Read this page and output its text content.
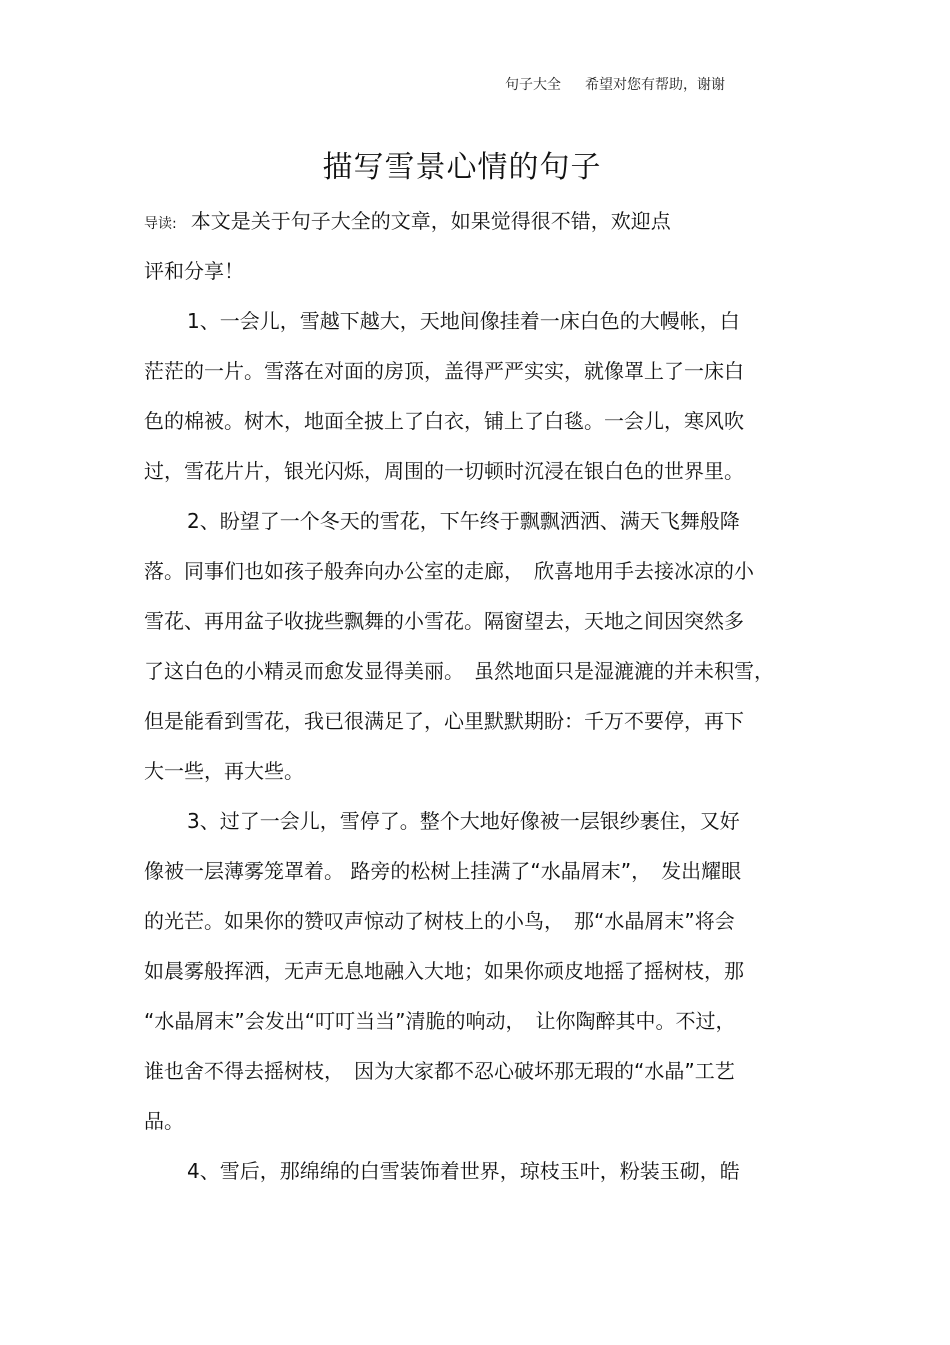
句子大全 希望对您有帮助，谢谢
描写雪景心情的句子
导读: 本文是关于句子大全的文章，如果觉得很不错，欢迎点
评和分享！
1、一会儿，雪越下越大，天地间像挂着一床白色的大幔帐，白
茫茫的一片。雪落在对面的房顶，盖得严严实实，就像罩上了一床白
色的棉被。树木，地面全披上了白衣，铺上了白毯。一会儿，寒风吹
过，雪花片片，银光闪烁，周围的一切顿时沉浸在银白色的世界里。
2、盼望了一个冬天的雪花，下午终于飘飘洒洒、满天飞舞般降
落。同事们也如孩子般奔向办公室的走廊，　欣喜地用手去接冰凉的小
雪花、再用盆子收拢些飘舞的小雪花。隔窗望去，天地之间因突然多
了这白色的小精灵而愈发显得美丽。　虽然地面只是湿漉漉的并未积雪，
但是能看到雪花，我已很满足了，心里默默期盼：千万不要停，再下
大一些，再大些。
3、过了一会儿，雪停了。整个大地好像被一层银纱裹住，又好
像被一层薄雾笼罩着。 路旁的松树上挂满了“水晶屑末”，　发出耀眼
的光芒。如果你的赞叹声惊动了树枝上的小鸟，　那“水晶屑末”将会
如晨雾般挥洒，无声无息地融入大地；如果你顽皮地摇了摇树枝，那
“水晶屑末”会发出“叮叮当当”清脆的响动，　让你陶醉其中。不过，
谁也舍不得去摇树枝，　因为大家都不忍心破坏那无瑕的“水晶”工艺
品。
4、雪后，那绵绵的白雪装饰着世界，琼枝玉叶，粉装玉砌，皓
